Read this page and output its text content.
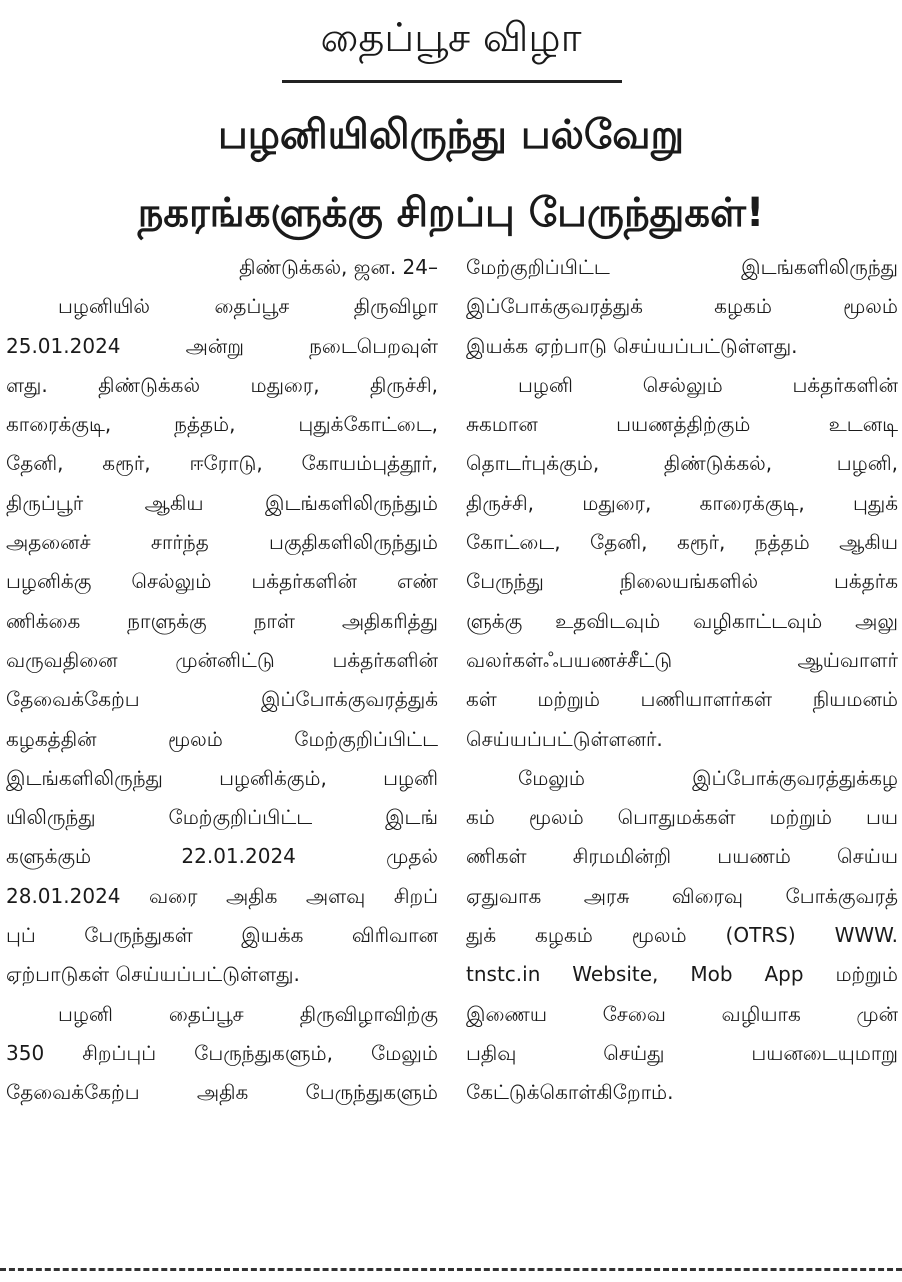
தைப்பூச விழா
பழனியிலிருந்து பல்வேறு
நகரங்களுக்கு சிறப்பு பேருந்துகள்!
திண்டுக்கல், ஜன. 24–
பழனியில் தைப்பூச திருவிழா
25.01.2024 அன்று நடைபெறவுள்
ளது. திண்டுக்கல் மதுரை, திருச்சி,
காரைக்குடி, நத்தம், புதுக்கோட்டை,
தேனி, கரூர், ஈரோடு, கோயம்புத்தூர்,
திருப்பூர் ஆகிய இடங்களிலிருந்தும்
அதனைச் சார்ந்த பகுதிகளிலிருந்தும்
பழனிக்கு செல்லும் பக்தர்களின் எண்
ணிக்கை நாளுக்கு நாள் அதிகரித்து
வருவதினை முன்னிட்டு பக்தர்களின்
தேவைக்கேற்ப இப்போக்குவரத்துக்
கழகத்தின் மூலம் மேற்குறிப்பிட்ட
இடங்களிலிருந்து பழனிக்கும், பழனி
யிலிருந்து மேற்குறிப்பிட்ட இடங்
களுக்கும் 22.01.2024 முதல்
28.01.2024 வரை அதிக அளவு சிறப்
புப் பேருந்துகள் இயக்க விரிவான
ஏற்பாடுகள் செய்யப்பட்டுள்ளது.
பழனி தைப்பூச திருவிழாவிற்கு
350 சிறப்புப் பேருந்துகளும், மேலும்
தேவைக்கேற்ப அதிக பேருந்துகளும்
மேற்குறிப்பிட்ட இடங்களிலிருந்து
இப்போக்குவரத்துக் கழகம் மூலம்
இயக்க ஏற்பாடு செய்யப்பட்டுள்ளது.
பழனி செல்லும் பக்தர்களின்
சுகமான பயணத்திற்கும் உடனடி
தொடர்புக்கும், திண்டுக்கல், பழனி,
திருச்சி, மதுரை, காரைக்குடி, புதுக்
கோட்டை, தேனி, கரூர், நத்தம் ஆகிய
பேருந்து நிலையங்களில் பக்தர்க
ளுக்கு உதவிடவும் வழிகாட்டவும் அலு
வலர்கள்ஃபயணச்சீட்டு ஆய்வாளர்
கள் மற்றும் பணியாளர்கள் நியமனம்
செய்யப்பட்டுள்ளனர்.
மேலும் இப்போக்குவரத்துக்கழ
கம் மூலம் பொதுமக்கள் மற்றும் பய
ணிகள் சிரமமின்றி பயணம் செய்ய
ஏதுவாக அரசு விரைவு போக்குவரத்
துக் கழகம் மூலம் (OTRS) WWW.
tnstc.in Website, Mob App மற்றும்
இணைய சேவை வழியாக முன்
பதிவு செய்து பயனடையுமாறு
கேட்டுக்கொள்கிறோம்.
